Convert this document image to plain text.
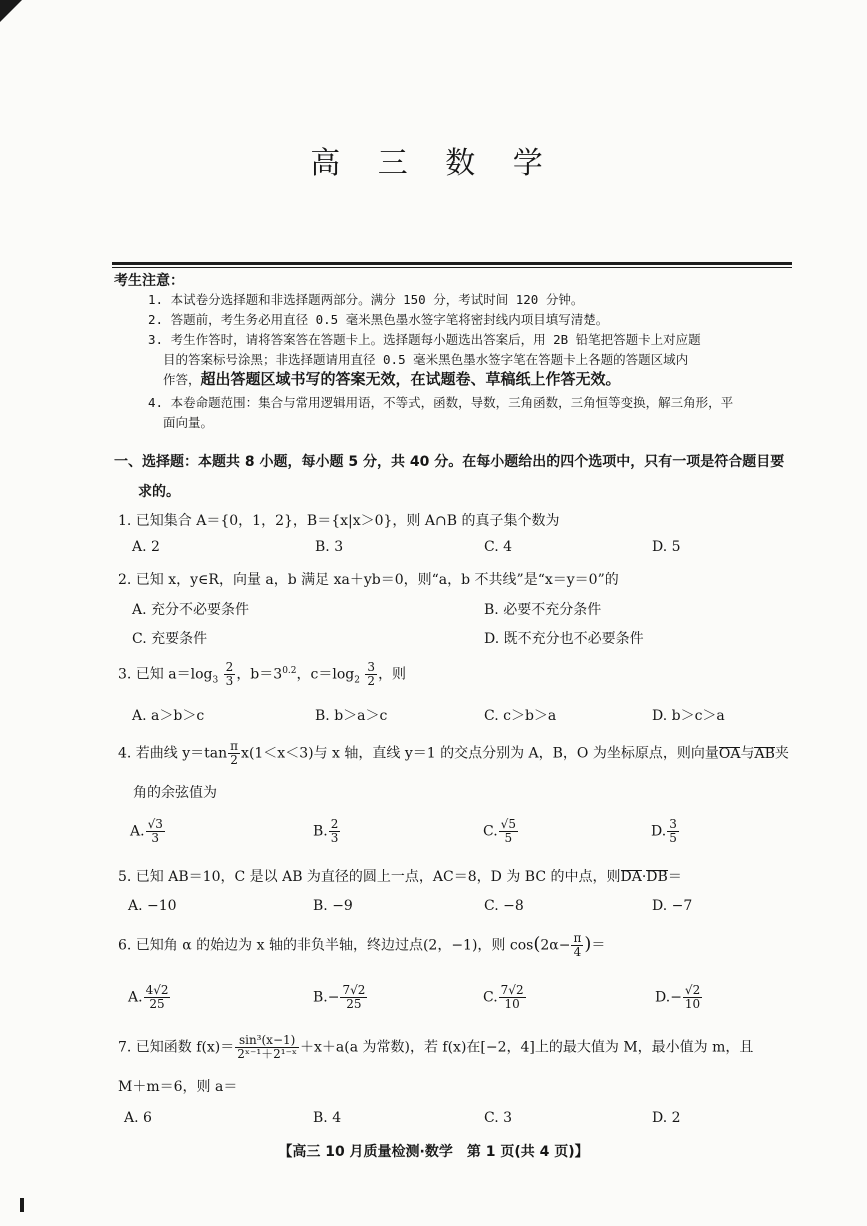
高 三 数 学
考生注意：
1. 本试卷分选择题和非选择题两部分。满分 150 分，考试时间 120 分钟。
2. 答题前，考生务必用直径 0.5 毫米黑色墨水签字笔将密封线内项目填写清楚。
3. 考生作答时，请将答案答在答题卡上。选择题每小题选出答案后，用 2B 铅笔把答题卡上对应题
目的答案标号涂黑；非选择题请用直径 0.5 毫米黑色墨水签字笔在答题卡上各题的答题区域内
作答，超出答题区域书写的答案无效，在试题卷、草稿纸上作答无效。
4. 本卷命题范围：集合与常用逻辑用语，不等式，函数，导数，三角函数，三角恒等变换，解三角形，平
面向量。
一、选择题：本题共 8 小题，每小题 5 分，共 40 分。在每小题给出的四个选项中，只有一项是符合题目要
求的。
1. 已知集合 A＝{0，1，2}，B＝{x|x＞0}，则 A∩B 的真子集个数为
A. 2	B. 3	C. 4	D. 5
2. 已知 x，y∈R，向量 a，b 满足 xa＋yb＝0，则“a，b 不共线”是“x＝y＝0”的
A. 充分不必要条件	B. 必要不充分条件
C. 充要条件	D. 既不充分也不必要条件
3. 已知 $a=\log_3 \frac{2}{3}$ ，$b=3^{0.2}$，$c=\log_2 \frac{3}{2}$ ，则
A. a＞b＞c	B. b＞a＞c	C. c＞b＞a	D. b＞c＞a
4. 若曲线 $y=\tan \frac{\pi}{2} x(1<x<3)$与 x 轴，直线 y＝1 的交点分别为 A，B，O 为坐标原点，则向量OA与AB夹
角的余弦值为
A. $\frac{√3}{3}$	B. $\frac{2}{3}$	C. $\frac{√5}{5}$	D. $\frac{3}{5}$
5. 已知 AB＝10，C 是以 AB 为直径的圆上一点，AC＝8，D 为 BC 的中点，则DA·DB＝
A. −10	B. −9	C. −8	D. −7
6. 已知角 α 的始边为 x 轴的非负半轴，终边过点(2，−1)，则 $\cos(2\alpha- \frac{\pi}{4}$ )＝
A. $\frac{4√2}{25}$	$B.- \frac{7√2}{25}$	C. $\frac{7√2}{10}$	$D.- \frac{√2}{10}$
7. 已知函数 $f(x)= \frac{\text{sin³(x−1)}}{\text{2ˣ⁻¹＋2¹⁻ˣ}} +x+a(a$ 为常数)，若 f(x)在[−2，4]上的最大值为 M，最小值为 m，且
M＋m＝6，则 a＝
A. 6	B. 4	C. 3	D. 2
【高三 10 月质量检测·数学　第 1 页(共 4 页)】
